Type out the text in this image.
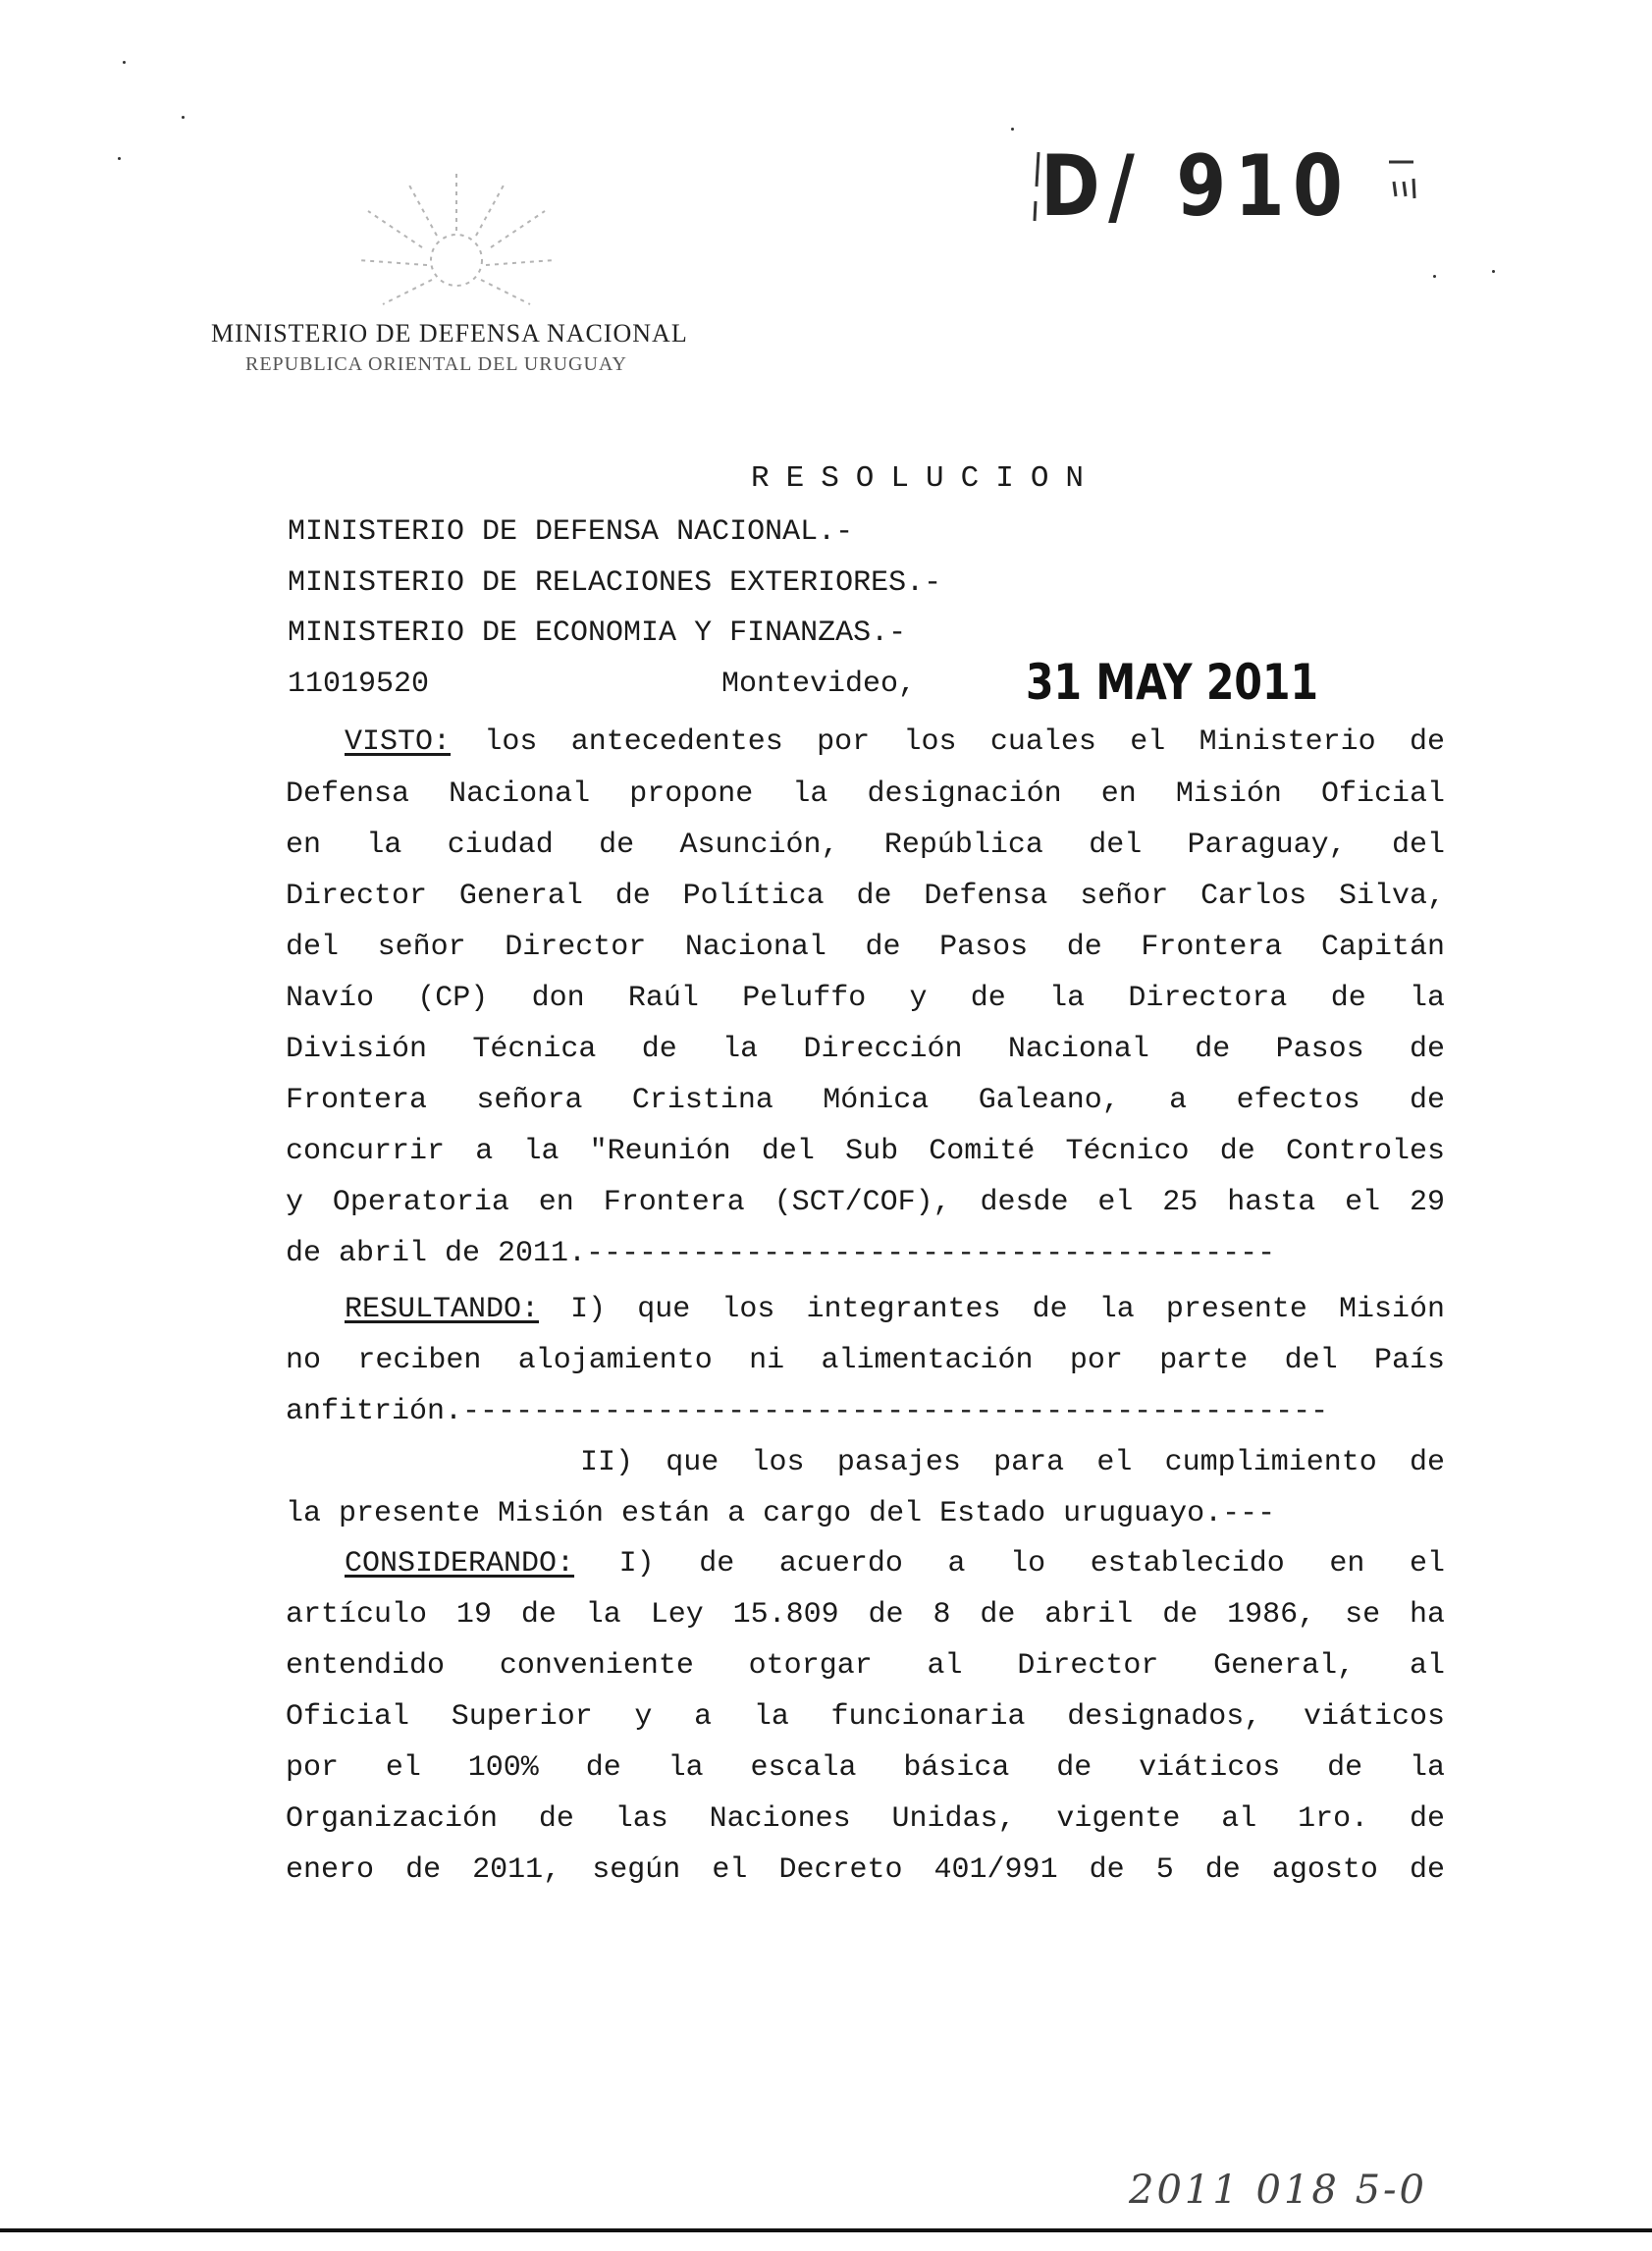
MINISTERIO DE DEFENSA NACIONAL
REPUBLICA ORIENTAL DEL URUGUAY
D/ 910
RESOLUCION
MINISTERIO DE DEFENSA NACIONAL.-
MINISTERIO DE RELACIONES EXTERIORES.-
MINISTERIO DE ECONOMIA Y FINANZAS.-
11019520	Montevideo, 31 MAY 2011
VISTO: los antecedentes por los cuales el Ministerio de
Defensa Nacional propone la designación en Misión Oficial
en la ciudad de Asunción, República del Paraguay, del
Director General de Política de Defensa señor Carlos Silva,
del señor Director Nacional de Pasos de Frontera Capitán
Navío (CP) don Raúl Peluffo y de la Directora de la
División Técnica de la Dirección Nacional de Pasos de
Frontera señora Cristina Mónica Galeano, a efectos de
concurrir a la "Reunión del Sub Comité Técnico de Controles
y Operatoria en Frontera (SCT/COF), desde el 25 hasta el 29
de abril de 2011.---------------------------------------
RESULTANDO: I) que los integrantes de la presente Misión
no reciben alojamiento ni alimentación por parte del País
anfitrión.-------------------------------------------------
II) que los pasajes para el cumplimiento de
la presente Misión están a cargo del Estado uruguayo.---
CONSIDERANDO: I) de acuerdo a lo establecido en el
artículo 19 de la Ley 15.809 de 8 de abril de 1986, se ha
entendido conveniente otorgar al Director General, al
Oficial Superior y a la funcionaria designados, viáticos
por el 100% de la escala básica de viáticos de la
Organización de las Naciones Unidas, vigente al 1ro. de
enero de 2011, según el Decreto 401/991 de 5 de agosto de
2011 018 5-0
